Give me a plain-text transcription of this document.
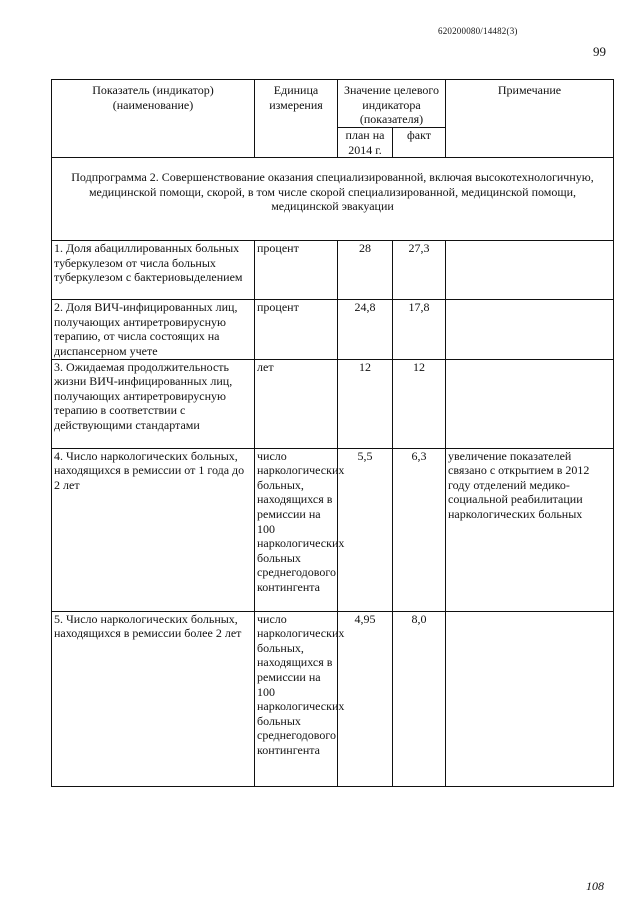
620200080/14482(3)
99
Показатель (индикатор) (наименование)	Единица измерения	Значение целевого индикатора (показателя)		Примечание
		план на 2014 г.	факт	
Подпрограмма 2. Совершенствование оказания специализированной, включая высокотехнологичную, медицинской помощи, скорой, в том числе скорой специализированной, медицинской помощи, медицинской эвакуации				
1. Доля абациллированных больных туберкулезом от числа больных туберкулезом с бактериовыделением	процент	28	27,3	
2. Доля ВИЧ-инфицированных лиц, получающих антиретровирусную терапию, от числа состоящих на диспансерном учете	процент	24,8	17,8	
3. Ожидаемая продолжительность жизни ВИЧ-инфицированных лиц, получающих антиретровирусную терапию в соответствии с действующими стандартами	лет	12	12	
4. Число наркологических больных, находящихся в ремиссии от 1 года до 2 лет	число наркологических больных, находящихся в ремиссии на 100 наркологических больных среднегодового контингента	5,5	6,3	увеличение показателей связано с открытием в 2012 году отделений медико-социальной реабилитации наркологических больных
5. Число наркологических больных, находящихся в ремиссии более 2 лет	число наркологических больных, находящихся в ремиссии на 100 наркологических больных среднегодового контингента	4,95	8,0	
108
